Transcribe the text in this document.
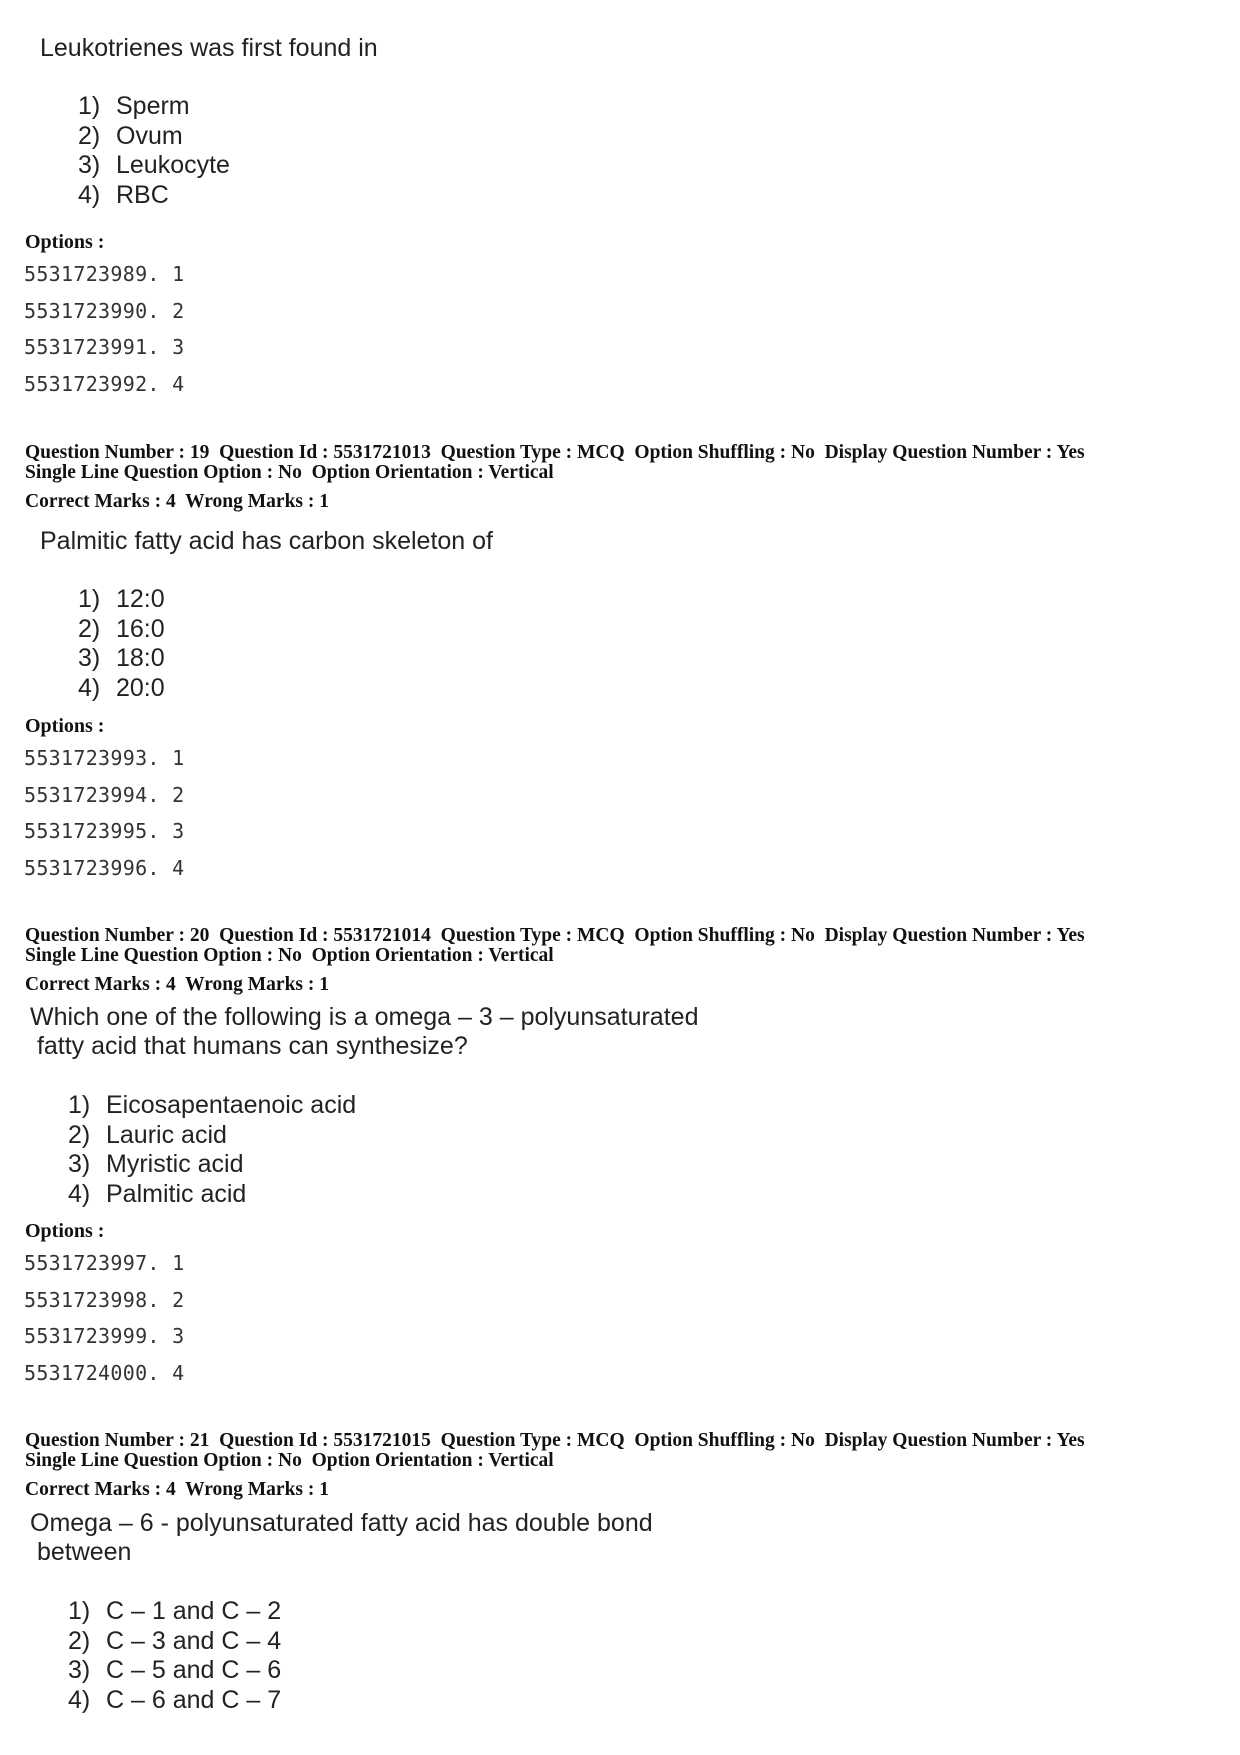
Leukotrienes was first found in
1) Sperm
2) Ovum
3) Leukocyte
4) RBC
Options :
5531723989. 1
5531723990. 2
5531723991. 3
5531723992. 4
Question Number : 19  Question Id : 5531721013  Question Type : MCQ  Option Shuffling : No  Display Question Number : Yes
Single Line Question Option : No  Option Orientation : Vertical
Correct Marks : 4  Wrong Marks : 1
Palmitic fatty acid has carbon skeleton of
1) 12:0
2) 16:0
3) 18:0
4) 20:0
Options :
5531723993. 1
5531723994. 2
5531723995. 3
5531723996. 4
Question Number : 20  Question Id : 5531721014  Question Type : MCQ  Option Shuffling : No  Display Question Number : Yes
Single Line Question Option : No  Option Orientation : Vertical
Correct Marks : 4  Wrong Marks : 1
Which one of the following is a omega – 3 – polyunsaturated
fatty acid that humans can synthesize?
1) Eicosapentaenoic acid
2) Lauric acid
3) Myristic acid
4) Palmitic acid
Options :
5531723997. 1
5531723998. 2
5531723999. 3
5531724000. 4
Question Number : 21  Question Id : 5531721015  Question Type : MCQ  Option Shuffling : No  Display Question Number : Yes
Single Line Question Option : No  Option Orientation : Vertical
Correct Marks : 4  Wrong Marks : 1
Omega – 6 - polyunsaturated fatty acid has double bond
between
1) C – 1 and C – 2
2) C – 3 and C – 4
3) C – 5 and C – 6
4) C – 6 and C – 7
